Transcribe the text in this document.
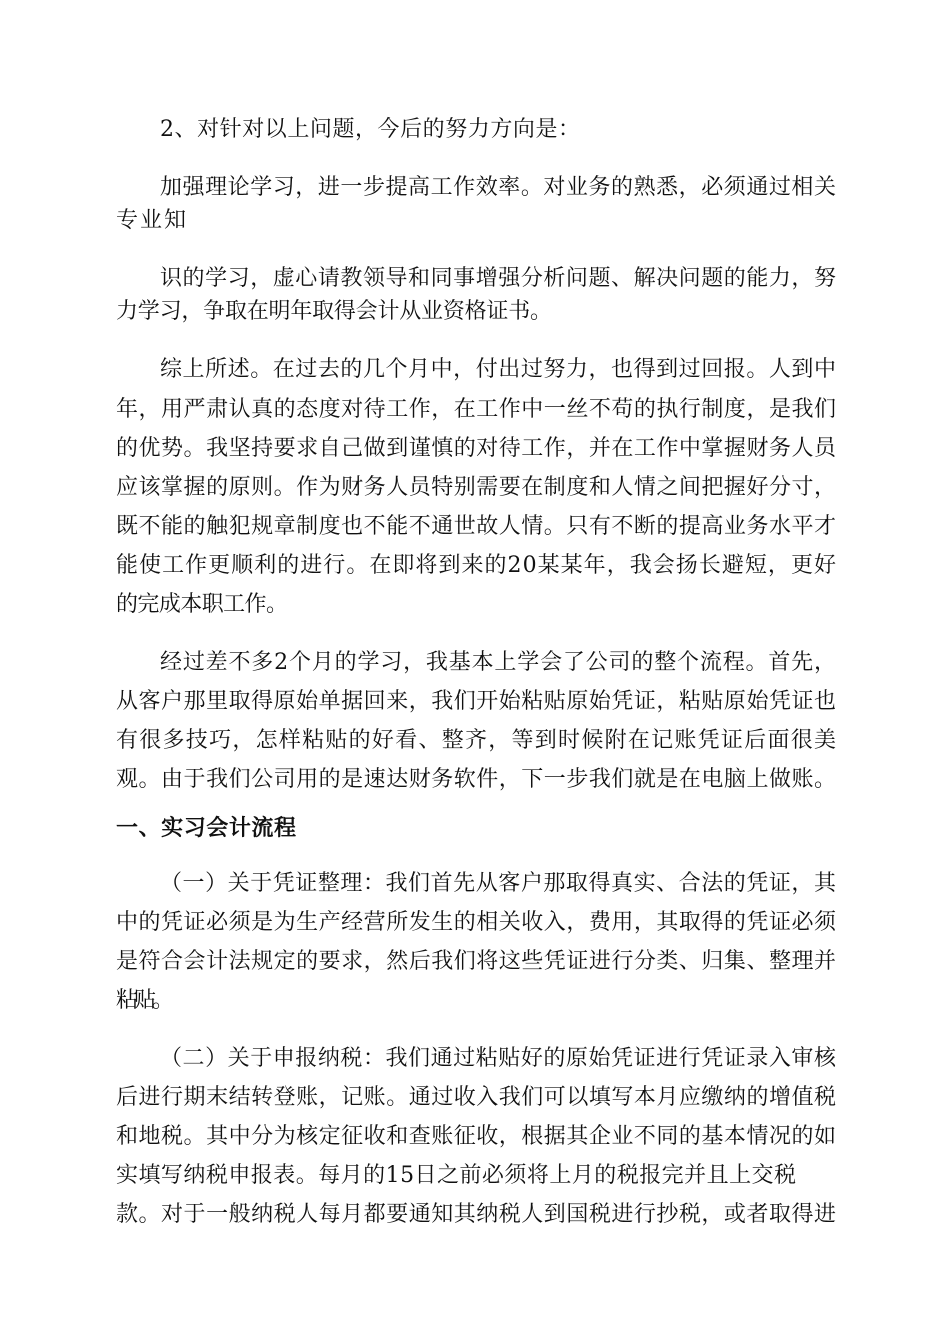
2、对针对以上问题，今后的努力方向是：
加强理论学习，进一步提高工作效率。对业务的熟悉，必须通过相关
专业知
识的学习，虚心请教领导和同事增强分析问题、解决问题的能力，努
力学习，争取在明年取得会计从业资格证书。
综上所述。在过去的几个月中，付出过努力，也得到过回报。人到中
年，用严肃认真的态度对待工作，在工作中一丝不苟的执行制度，是我们
的优势。我坚持要求自己做到谨慎的对待工作，并在工作中掌握财务人员
应该掌握的原则。作为财务人员特别需要在制度和人情之间把握好分寸，
既不能的触犯规章制度也不能不通世故人情。只有不断的提高业务水平才
能使工作更顺利的进行。在即将到来的20某某年，我会扬长避短，更好
的完成本职工作。
经过差不多2个月的学习，我基本上学会了公司的整个流程。首先，
从客户那里取得原始单据回来，我们开始粘贴原始凭证，粘贴原始凭证也
有很多技巧，怎样粘贴的好看、整齐，等到时候附在记账凭证后面很美
观。由于我们公司用的是速达财务软件，下一步我们就是在电脑上做账。
一、实习会计流程
（一）关于凭证整理：我们首先从客户那取得真实、合法的凭证，其
中的凭证必须是为生产经营所发生的相关收入，费用，其取得的凭证必须
是符合会计法规定的要求，然后我们将这些凭证进行分类、归集、整理并
粘贴。
（二）关于申报纳税：我们通过粘贴好的原始凭证进行凭证录入审核
后进行期末结转登账，记账。通过收入我们可以填写本月应缴纳的增值税
和地税。其中分为核定征收和查账征收，根据其企业不同的基本情况的如
实填写纳税申报表。每月的15日之前必须将上月的税报完并且上交税
款。对于一般纳税人每月都要通知其纳税人到国税进行抄税，或者取得进
